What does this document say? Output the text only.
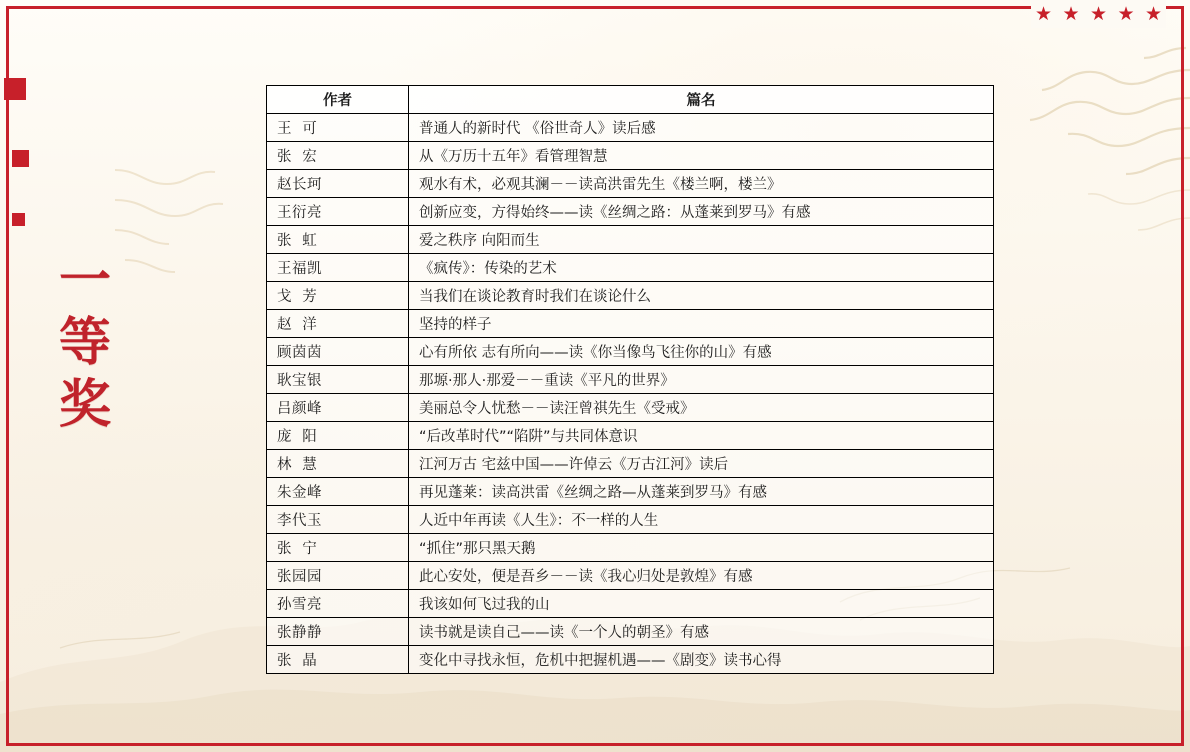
★ ★ ★ ★ ★
一等奖
作者	篇名
王  可	普通人的新时代 《俗世奇人》读后感
张  宏	从《万历十五年》看管理智慧
赵长珂	观水有术，必观其澜－－读高洪雷先生《楼兰啊，楼兰》
王衍亮	创新应变，方得始终——读《丝绸之路：从蓬莱到罗马》有感
张  虹	爱之秩序 向阳而生
王福凯	《疯传》：传染的艺术
戈  芳	当我们在谈论教育时我们在谈论什么
赵  洋	坚持的样子
顾茵茵	心有所依 志有所向——读《你当像鸟飞往你的山》有感
耿宝银	那塬·那人·那爱－－重读《平凡的世界》
吕颜峰	美丽总令人忧愁－－读汪曾祺先生《受戒》
庞  阳	“后改革时代”“陷阱”与共同体意识
林  慧	江河万古 宅兹中国——许倬云《万古江河》读后
朱金峰	再见蓬莱：读高洪雷《丝绸之路—从蓬莱到罗马》有感
李代玉	人近中年再读《人生》：不一样的人生
张  宁	“抓住”那只黑天鹅
张园园	此心安处，便是吾乡－－读《我心归处是敦煌》有感
孙雪亮	我该如何飞过我的山
张静静	读书就是读自己——读《一个人的朝圣》有感
张  晶	变化中寻找永恒，危机中把握机遇——《剧变》读书心得
